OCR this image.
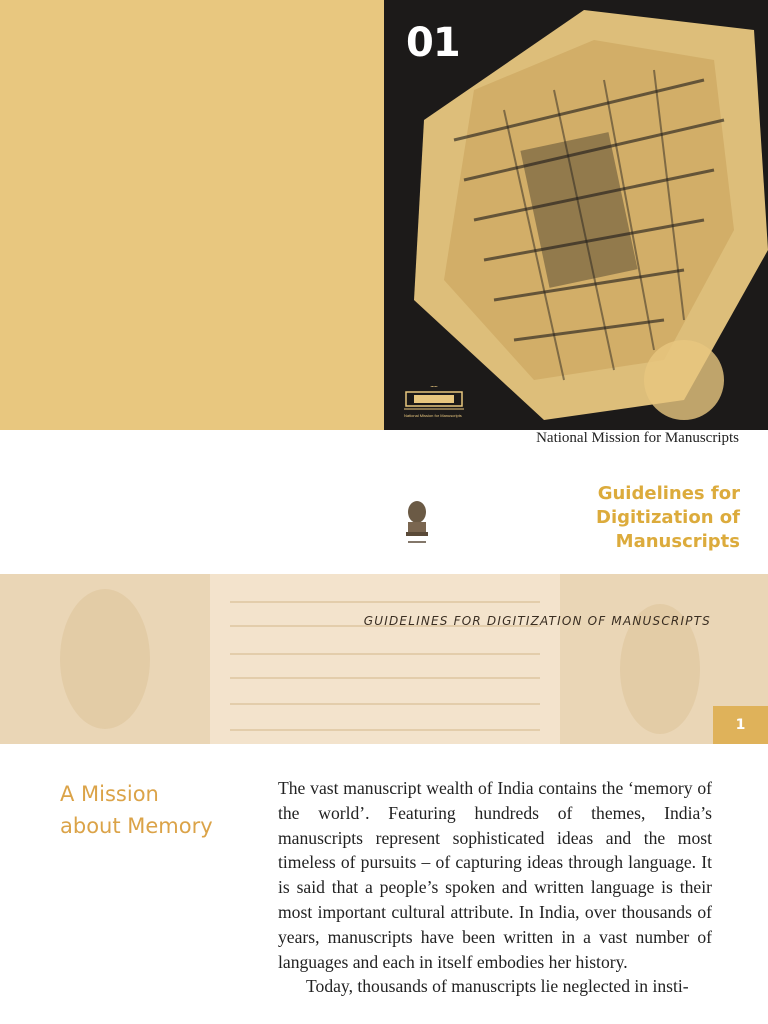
01
•••••
National Mission for Manuscripts
National Mission for Manuscripts
Guidelines for
Digitization of
Manuscripts
GUIDELINES FOR DIGITIZATION OF MANUSCRIPTS
1
A Mission
about Memory

The vast manuscript wealth of India contains the ‘memory of the world’. Featuring hundreds of themes, India’s manuscripts represent sophisticated ideas and the most timeless of pursuits – of capturing ideas through language. It is said that a people’s spoken and written language is their most important cultural attribute. In India, over thousands of years, manuscripts have been written in a vast number of languages and each in itself embodies her history.

Today, thousands of manuscripts lie neglected in insti-
